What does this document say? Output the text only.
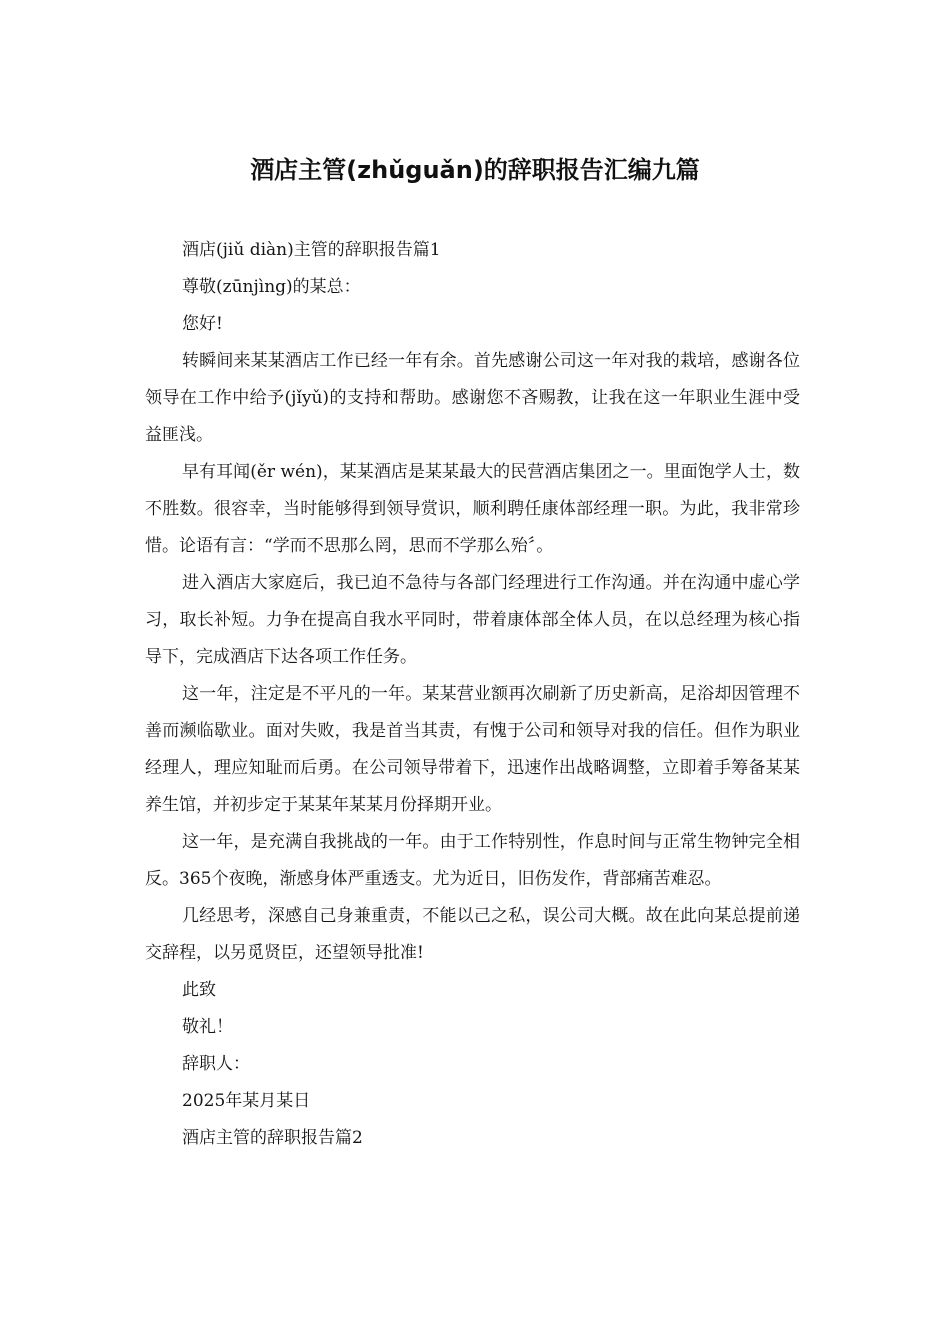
酒店主管(zhǔguǎn)的辞职报告汇编九篇

酒店(jiǔ diàn)主管的辞职报告篇1

尊敬(zūnjìng)的某总：

您好!

转瞬间来某某酒店工作已经一年有余。首先感谢公司这一年对我的栽培，感谢各位领导在工作中给予(jǐyǔ)的支持和帮助。感谢您不吝赐教，让我在这一年职业生涯中受益匪浅。

早有耳闻(ěr wén)，某某酒店是某某最大的民营酒店集团之一。里面饱学人士，数不胜数。很容幸，当时能够得到领导赏识，顺利聘任康体部经理一职。为此，我非常珍惜。论语有言：“学而不思那么罔，思而不学那么殆〞。

进入酒店大家庭后，我已迫不急待与各部门经理进行工作沟通。并在沟通中虚心学习，取长补短。力争在提高自我水平同时，带着康体部全体人员，在以总经理为核心指导下，完成酒店下达各项工作任务。

这一年，注定是不平凡的一年。某某营业额再次刷新了历史新高，足浴却因管理不善而濒临歇业。面对失败，我是首当其责，有愧于公司和领导对我的信任。但作为职业经理人，理应知耻而后勇。在公司领导带着下，迅速作出战略调整，立即着手筹备某某养生馆，并初步定于某某年某某月份择期开业。

这一年，是充满自我挑战的一年。由于工作特别性，作息时间与正常生物钟完全相反。365个夜晚，渐感身体严重透支。尤为近日，旧伤发作，背部痛苦难忍。

几经思考，深感自己身兼重责，不能以己之私，误公司大概。故在此向某总提前递交辞程，以另觅贤臣，还望领导批准!

此致

敬礼！

辞职人：

2025年某月某日

酒店主管的辞职报告篇2
